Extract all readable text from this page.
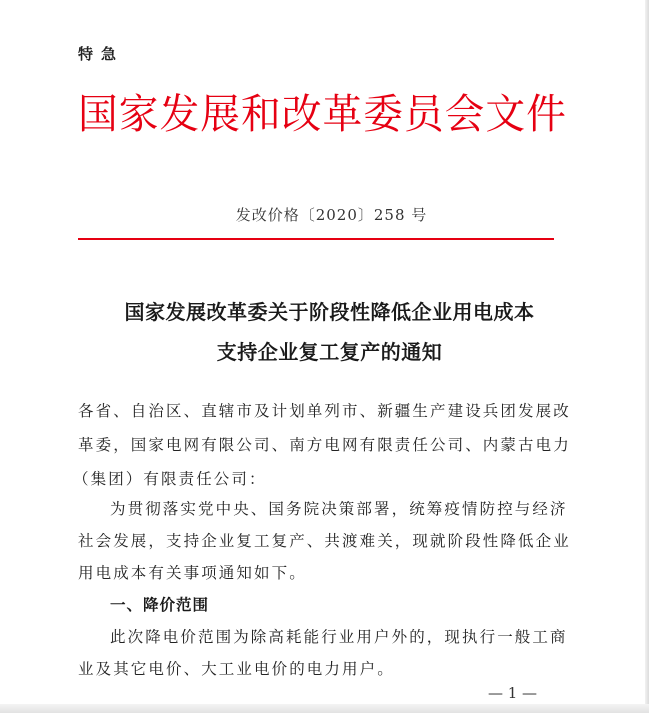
特急
国家发展和改革委员会文件
发改价格〔2020〕258 号
国家发展改革委关于阶段性降低企业用电成本
支持企业复工复产的通知
各省、自治区、直辖市及计划单列市、新疆生产建设兵团发展改
革委，国家电网有限公司、南方电网有限责任公司、内蒙古电力
（集团）有限责任公司：
为贯彻落实党中央、国务院决策部署，统筹疫情防控与经济
社会发展，支持企业复工复产、共渡难关，现就阶段性降低企业
用电成本有关事项通知如下。
一、降价范围
此次降电价范围为除高耗能行业用户外的，现执行一般工商
业及其它电价、大工业电价的电力用户。
— 1 —
